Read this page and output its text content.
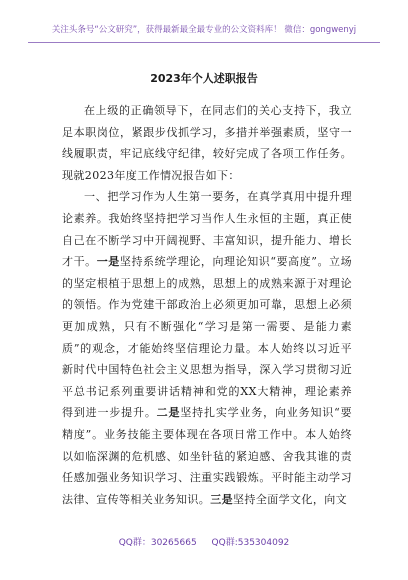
关注头条号“公文研究”，获得最新最全最专业的公文资料库！ 微信：gongwenyj
2023年个人述职报告

在上级的正确领导下，在同志们的关心支持下，我立足本职岗位，紧跟步伐抓学习，多措并举强素质，坚守一线履职责，牢记底线守纪律，较好完成了各项工作任务。现就2023年度工作情况报告如下：

一、把学习作为人生第一要务，在真学真用中提升理论素养。我始终坚持把学习当作人生永恒的主题，真正使自己在不断学习中开阔视野、丰富知识，提升能力、增长才干。一是坚持系统学理论，向理论知识“要高度”。立场的坚定根植于思想上的成熟，思想上的成熟来源于对理论的领悟。作为党建干部政治上必须更加可靠，思想上必须更加成熟，只有不断强化“学习是第一需要、是能力素质”的观念，才能始终坚信理论力量。本人始终以习近平新时代中国特色社会主义思想为指导，深入学习贯彻习近平总书记系列重要讲话精神和党的XX大精神，理论素养得到进一步提升。二是坚持扎实学业务，向业务知识“要精度”。业务技能主要体现在各项日常工作中。本人始终以如临深渊的危机感、如坐针毡的紧迫感、舍我其谁的责任感加强业务知识学习、注重实践锻炼。平时能主动学习法律、宣传等相关业务知识。三是坚持全面学文化，向文

QQ群：30265665 QQ群:535304092
